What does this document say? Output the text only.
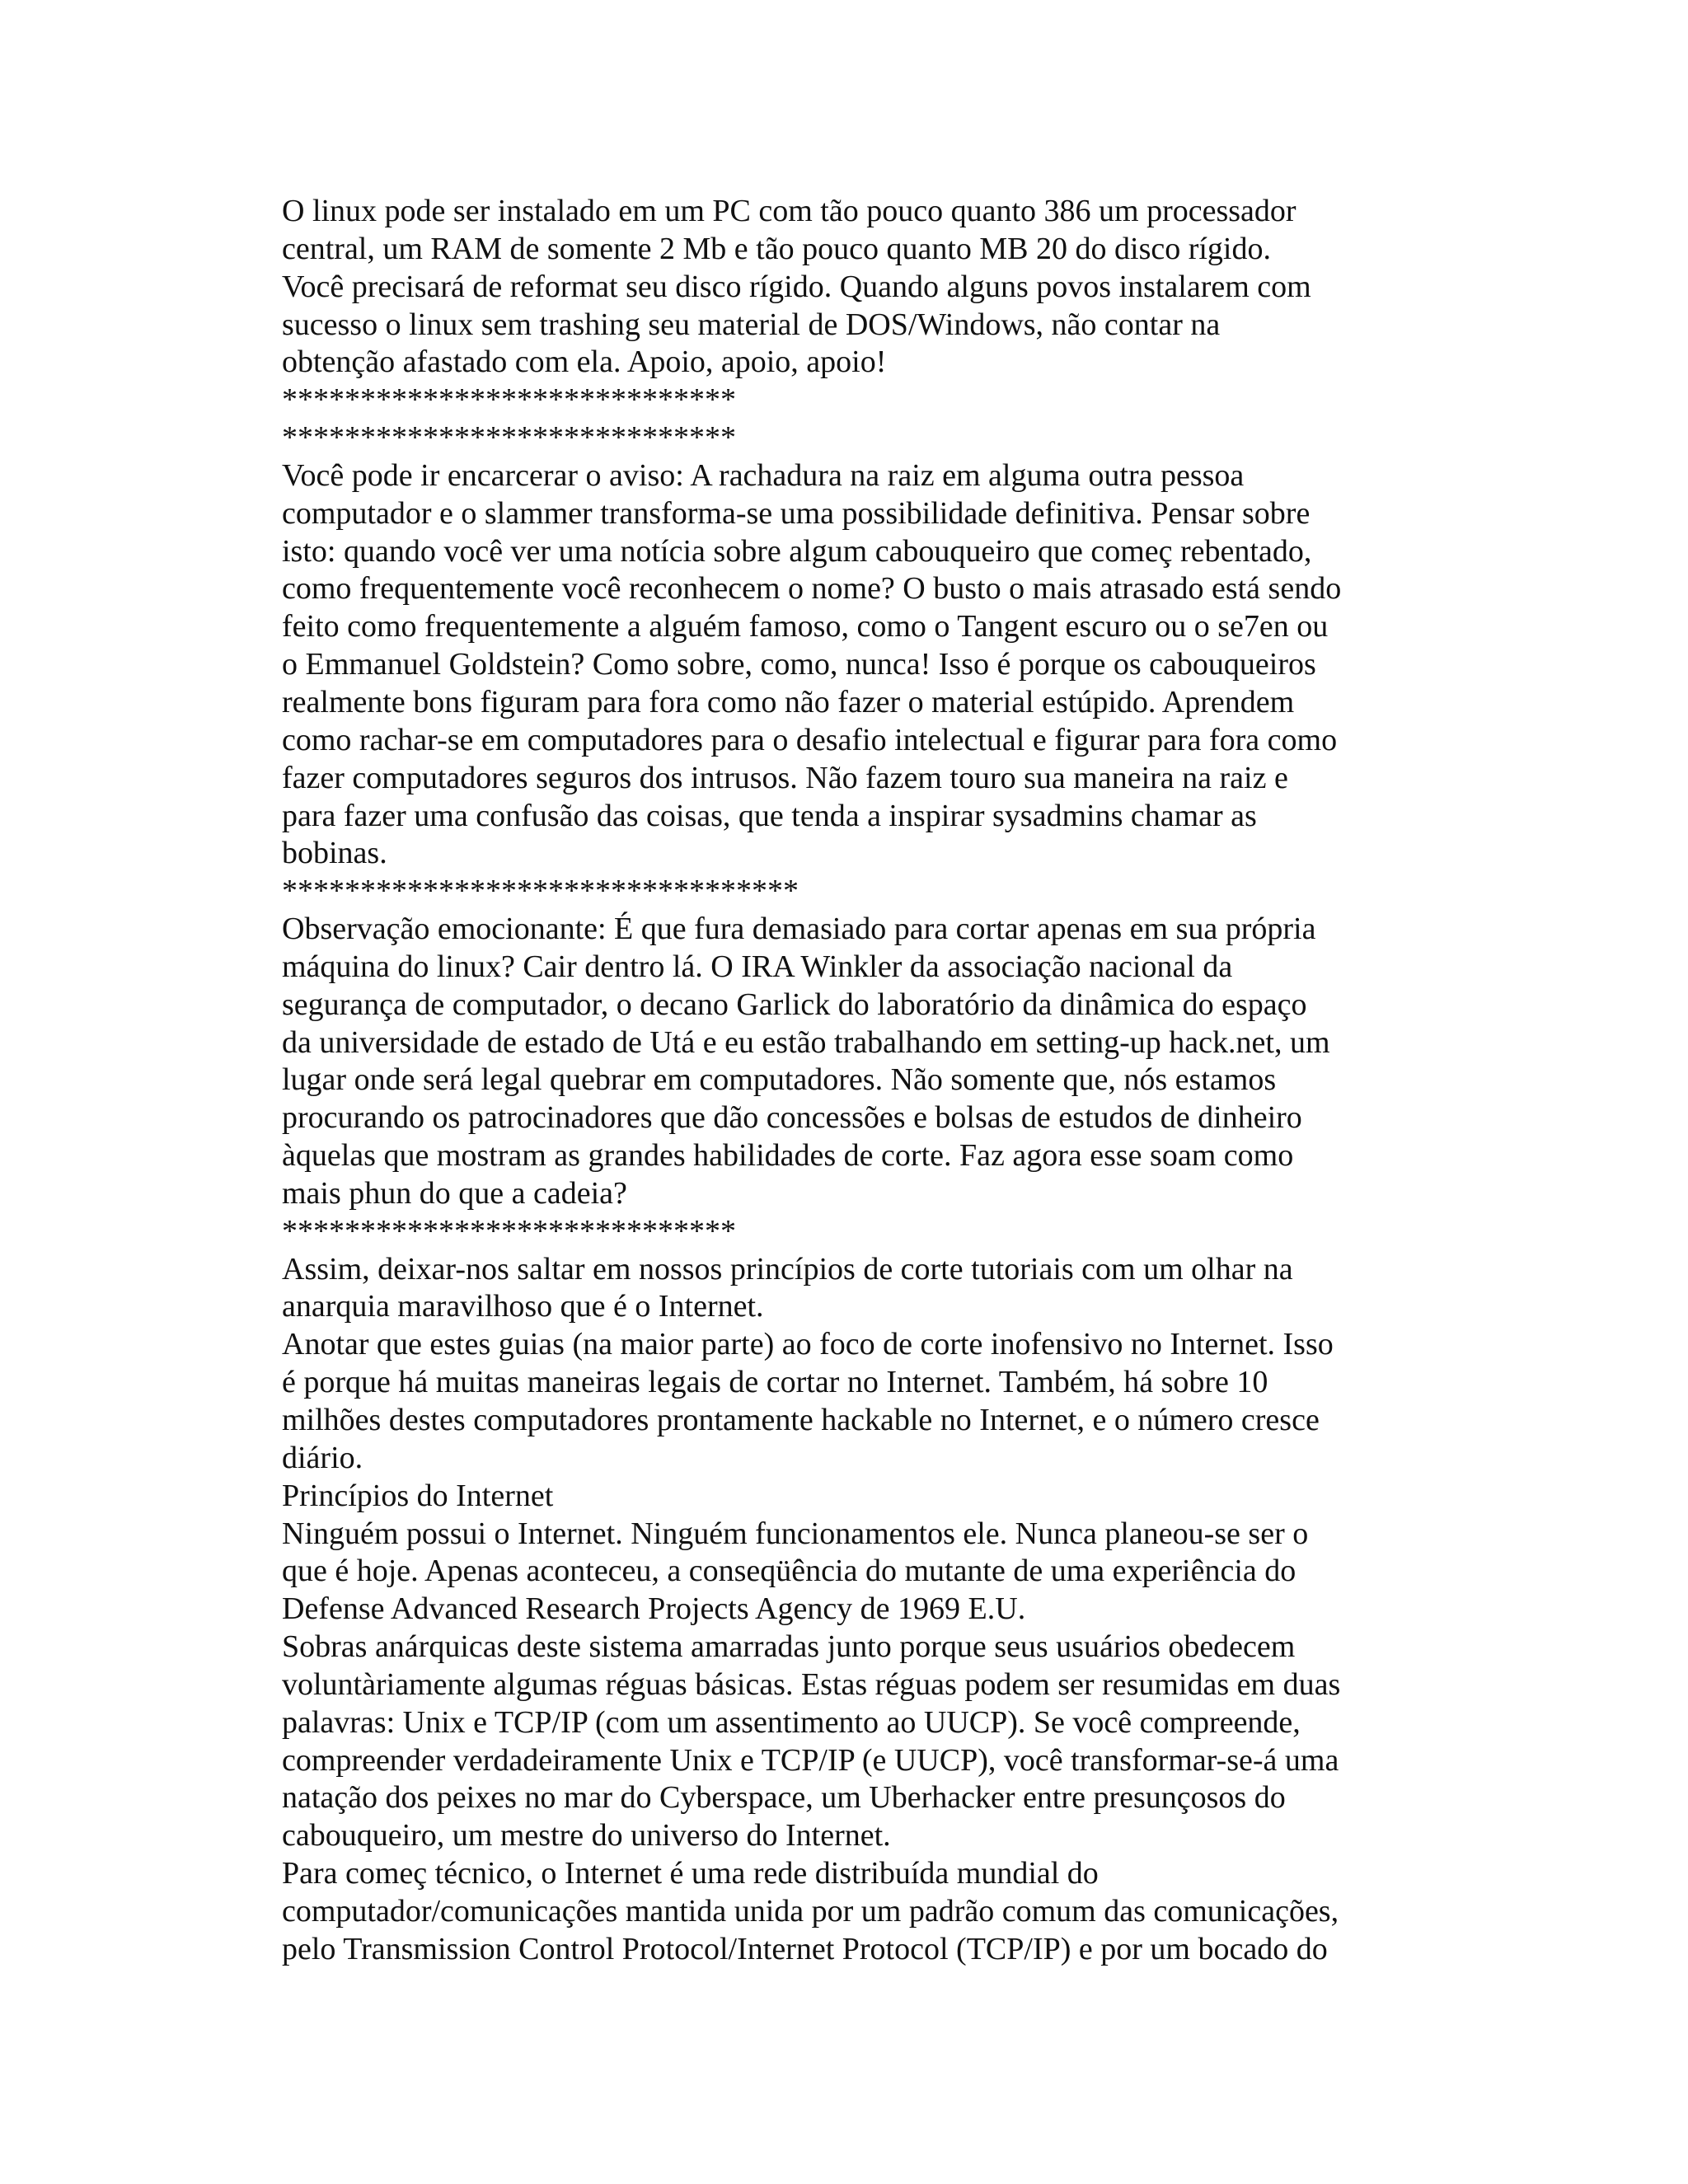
O linux pode ser instalado em um PC com tão pouco quanto 386 um processador
central, um RAM de somente 2 Mb e tão pouco quanto MB 20 do disco rígido.
Você precisará de reformat seu disco rígido. Quando alguns povos instalarem com
sucesso o linux sem trashing seu material de DOS/Windows, não contar na
obtenção afastado com ela. Apoio, apoio, apoio!
*****************************
*****************************
Você pode ir encarcerar o aviso: A rachadura na raiz em alguma outra pessoa
computador e o slammer transforma-se uma possibilidade definitiva. Pensar sobre
isto: quando você ver uma notícia sobre algum cabouqueiro que começ rebentado,
como frequentemente você reconhecem o nome? O busto o mais atrasado está sendo
feito como frequentemente a alguém famoso, como o Tangent escuro ou o se7en ou
o Emmanuel Goldstein? Como sobre, como, nunca! Isso é porque os cabouqueiros
realmente bons figuram para fora como não fazer o material estúpido. Aprendem
como rachar-se em computadores para o desafio intelectual e figurar para fora como
fazer computadores seguros dos intrusos. Não fazem touro sua maneira na raiz e
para fazer uma confusão das coisas, que tenda a inspirar sysadmins chamar as
bobinas.
*********************************
Observação emocionante: É que fura demasiado para cortar apenas em sua própria
máquina do linux? Cair dentro lá. O IRA Winkler da associação nacional da
segurança de computador, o decano Garlick do laboratório da dinâmica do espaço
da universidade de estado de Utá e eu estão trabalhando em setting-up hack.net, um
lugar onde será legal quebrar em computadores. Não somente que, nós estamos
procurando os patrocinadores que dão concessões e bolsas de estudos de dinheiro
àquelas que mostram as grandes habilidades de corte. Faz agora esse soam como
mais phun do que a cadeia?
*****************************
Assim, deixar-nos saltar em nossos princípios de corte tutoriais com um olhar na
anarquia maravilhoso que é o Internet.
Anotar que estes guias (na maior parte) ao foco de corte inofensivo no Internet. Isso
é porque há muitas maneiras legais de cortar no Internet. Também, há sobre 10
milhões destes computadores prontamente hackable no Internet, e o número cresce
diário.
Princípios do Internet
Ninguém possui o Internet. Ninguém funcionamentos ele. Nunca planeou-se ser o
que é hoje. Apenas aconteceu, a conseqüência do mutante de uma experiência do
Defense Advanced Research Projects Agency de 1969 E.U.
Sobras anárquicas deste sistema amarradas junto porque seus usuários obedecem
voluntàriamente algumas réguas básicas. Estas réguas podem ser resumidas em duas
palavras: Unix e TCP/IP (com um assentimento ao UUCP). Se você compreende,
compreender verdadeiramente Unix e TCP/IP (e UUCP), você transformar-se-á uma
natação dos peixes no mar do Cyberspace, um Uberhacker entre presunçosos do
cabouqueiro, um mestre do universo do Internet.
Para começ técnico, o Internet é uma rede distribuída mundial do
computador/comunicações mantida unida por um padrão comum das comunicações,
pelo Transmission Control Protocol/Internet Protocol (TCP/IP) e por um bocado do
